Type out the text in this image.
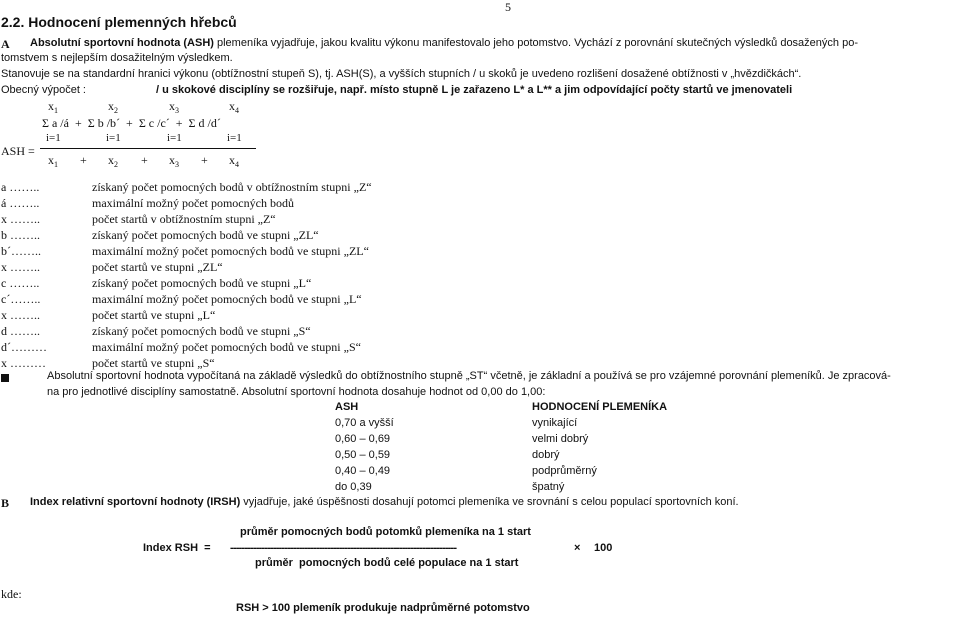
5
2.2. Hodnocení plemenných hřebců
A Absolutní sportovní hodnota (ASH) plemeníka vyjadřuje, jakou kvalitu výkonu manifestovalo jeho potomstvo. Vychází z porovnání skutečných výsledků dosažených po-
tomstvem s nejlepším dosažitelným výsledkem.
Stanovuje se na standardní hranici výkonu (obtížnostní stupeň S), tj. ASH(S), a vyšších stupních / u skoků je uvedeno rozlišení dosažené obtížnosti v „hvězdičkách“.
Obecný výpočet :	/ u skokové disciplíny se rozšiřuje, např. místo stupně L je zařazeno L* a L** a jim odpovídající počty startů ve jmenovateli
$x_1$	$x_2$	$x_3$	$x_4$
Σ a /á  +  Σ b /b´  +  Σ c /c´  +  Σ d /d´
i=1	i=1	i=1	i=1
ASH =
$x_1 + x_2 + x_3 + x_4$
a ……..	získaný počet pomocných bodů v obtížnostním stupni „Z“
á ……..	maximální možný počet pomocných bodů
x ……..	počet startů v obtížnostním stupni „Z“
b ……..	získaný počet pomocných bodů ve stupni „ZL“
b´……..	maximální možný počet pomocných bodů ve stupni „ZL“
x ……..	počet startů ve stupni „ZL“
c ……..	získaný počet pomocných bodů ve stupni „L“
c´……..	maximální možný počet pomocných bodů ve stupni „L“
x ……..	počet startů ve stupni „L“
d ……..	získaný počet pomocných bodů ve stupni „S“
d´………	maximální možný počet pomocných bodů ve stupni „S“
x ………	počet startů ve stupni „S“
Absolutní sportovní hodnota vypočítaná na základě výsledků do obtížnostního stupně „ST“ včetně, je základní a používá se pro vzájemné porovnání plemeníků. Je zpracová-
na pro jednotlivé disciplíny samostatně. Absolutní sportovní hodnota dosahuje hodnot od 0,00 do 1,00:
ASH	HODNOCENÍ PLEMENÍKA
0,70 a vyšší	vynikající
0,60 – 0,69	velmi dobrý
0,50 – 0,59	dobrý
0,40 – 0,49	podprůměrný
do 0,39	špatný
B Index relativní sportovní hodnoty (IRSH) vyjadřuje, jaké úspěšnosti dosahují potomci plemeníka ve srovnání s celou populací sportovních koní.
průměr pomocných bodů potomků plemeníka na 1 start
Index RSH  = -------------------------------------------------------------------------------	× 100
průměr  pomocných bodů celé populace na 1 start
kde:
RSH > 100 plemeník produkuje nadprůměrné potomstvo
